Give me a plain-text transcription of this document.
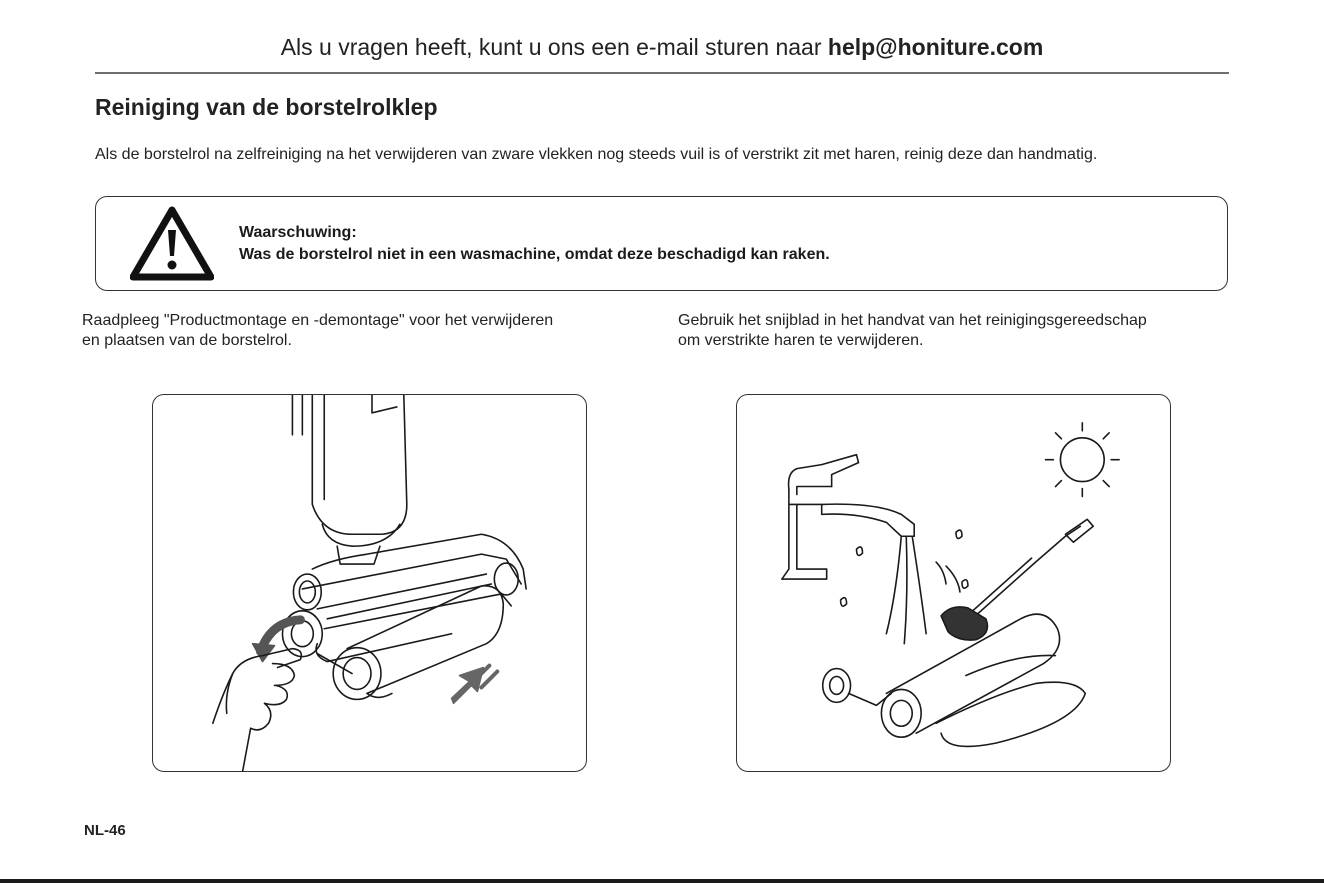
Als u vragen heeft, kunt u ons een e-mail sturen naar help@honiture.com
Reiniging van de borstelrolklep
Als de borstelrol na zelfreiniging na het verwijderen van zware vlekken nog steeds vuil is of verstrikt zit met haren, reinig deze dan handmatig.
Waarschuwing:
Was de borstelrol niet in een wasmachine, omdat deze beschadigd kan raken.
Raadpleeg "Productmontage en -demontage" voor het verwijderen
en plaatsen van de borstelrol.
Gebruik het snijblad in het handvat van het reinigingsgereedschap
om verstrikte haren te verwijderen.
NL-46
